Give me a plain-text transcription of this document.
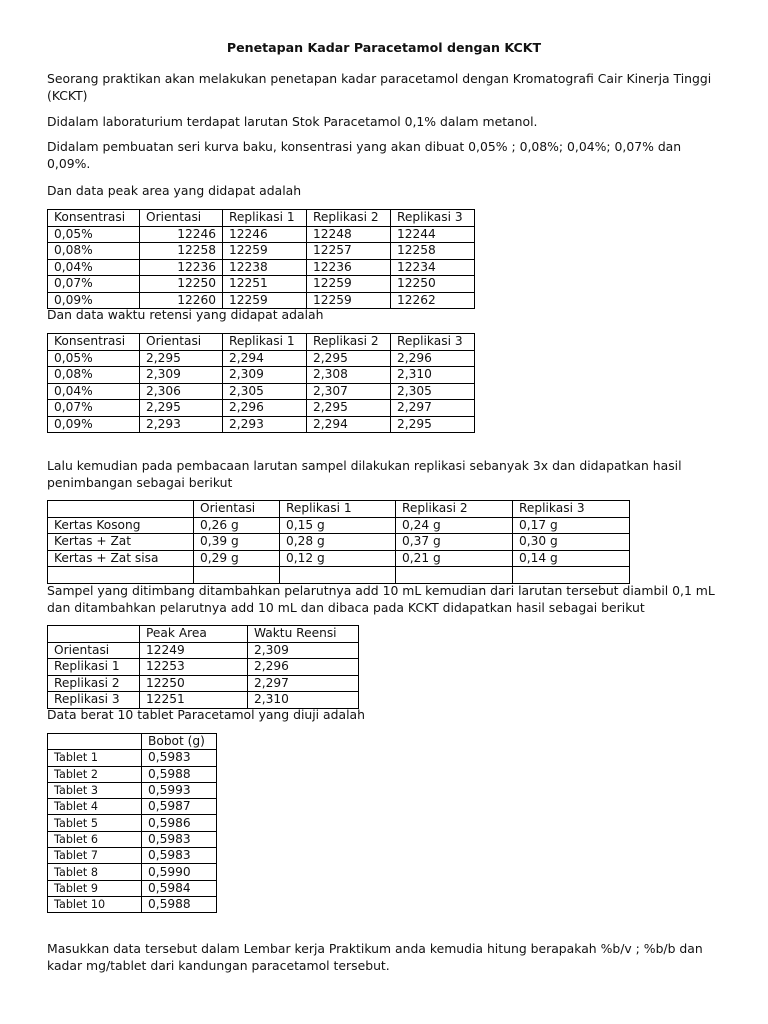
Penetapan Kadar Paracetamol dengan KCKT

Seorang praktikan akan melakukan penetapan kadar paracetamol dengan Kromatografi Cair Kinerja Tinggi (KCKT)

Didalam laboraturium terdapat larutan Stok Paracetamol 0,1% dalam metanol.

Didalam pembuatan seri kurva baku, konsentrasi yang akan dibuat 0,05% ; 0,08%; 0,04%; 0,07% dan 0,09%.

Dan data peak area yang didapat adalah

Konsentrasi	Orientasi	Replikasi 1	Replikasi 2	Replikasi 3
0,05%	12246	12246	12248	12244
0,08%	12258	12259	12257	12258
0,04%	12236	12238	12236	12234
0,07%	12250	12251	12259	12250
0,09%	12260	12259	12259	12262

Dan data waktu retensi yang didapat adalah

Konsentrasi	Orientasi	Replikasi 1	Replikasi 2	Replikasi 3
0,05%	2,295	2,294	2,295	2,296
0,08%	2,309	2,309	2,308	2,310
0,04%	2,306	2,305	2,307	2,305
0,07%	2,295	2,296	2,295	2,297
0,09%	2,293	2,293	2,294	2,295

Lalu kemudian pada pembacaan larutan sampel dilakukan replikasi sebanyak 3x dan didapatkan hasil penimbangan sebagai berikut

	Orientasi	Replikasi 1	Replikasi 2	Replikasi 3
Kertas Kosong	0,26 g	0,15 g	0,24 g	0,17 g
Kertas + Zat	0,39 g	0,28 g	0,37 g	0,30 g
Kertas + Zat sisa	0,29 g	0,12 g	0,21 g	0,14 g

Sampel yang ditimbang ditambahkan pelarutnya add 10 mL kemudian dari larutan tersebut diambil 0,1 mL dan ditambahkan pelarutnya add 10 mL dan dibaca pada KCKT didapatkan hasil sebagai berikut

	Peak Area	Waktu Reensi
Orientasi	12249	2,309
Replikasi 1	12253	2,296
Replikasi 2	12250	2,297
Replikasi 3	12251	2,310

Data berat 10 tablet Paracetamol yang diuji adalah

	Bobot (g)
Tablet 1	0,5983
Tablet 2	0,5988
Tablet 3	0,5993
Tablet 4	0,5987
Tablet 5	0,5986
Tablet 6	0,5983
Tablet 7	0,5983
Tablet 8	0,5990
Tablet 9	0,5984
Tablet 10	0,5988

Masukkan data tersebut dalam Lembar kerja Praktikum anda kemudia hitung berapakah %b/v ; %b/b dan kadar mg/tablet dari kandungan paracetamol tersebut.
